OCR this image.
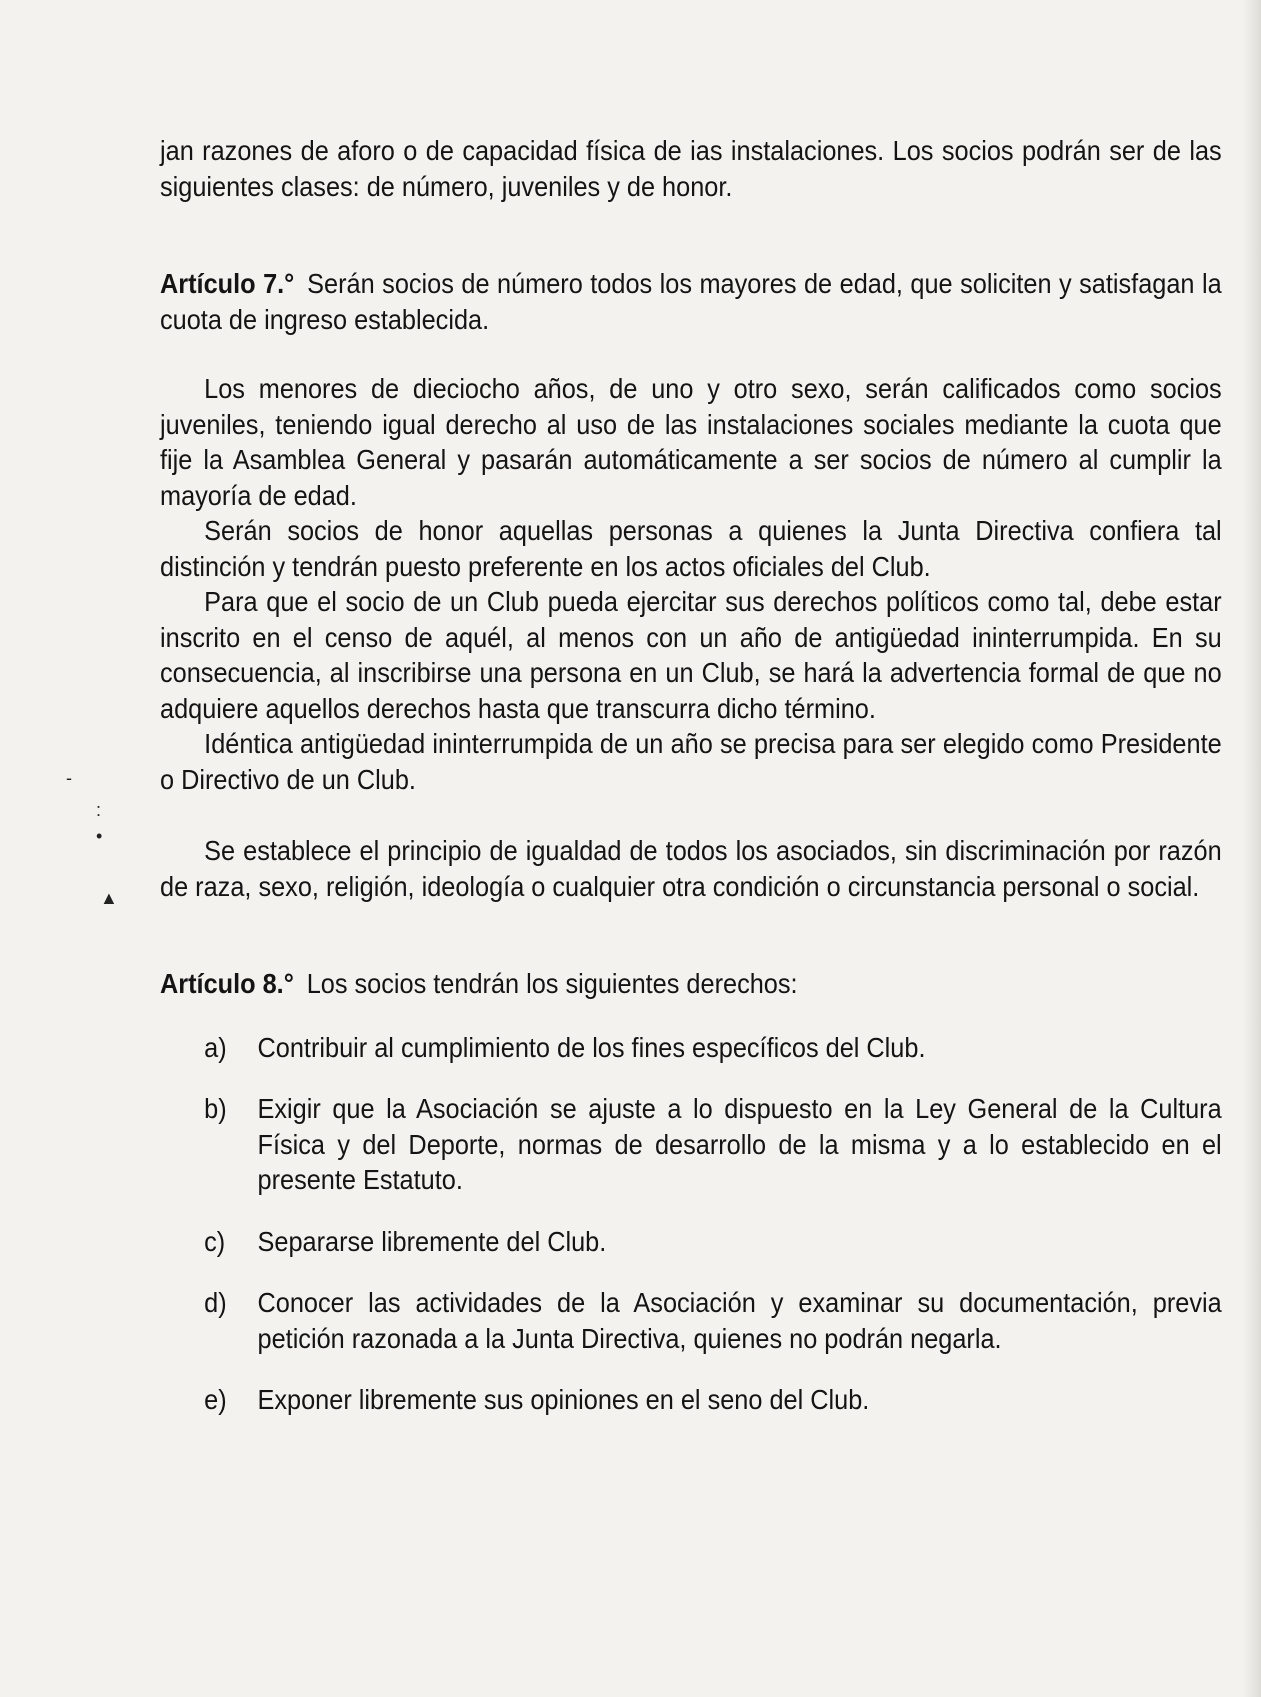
-
:
•
▲

jan razones de aforo o de capacidad física de ias instalaciones. Los socios podrán ser de las siguientes clases: de número, juveniles y de honor.

Artículo 7.° Serán socios de número todos los mayores de edad, que soliciten y satisfagan la cuota de ingreso establecida.

Los menores de dieciocho años, de uno y otro sexo, serán calificados como socios juveniles, teniendo igual derecho al uso de las instalaciones sociales mediante la cuota que fije la Asamblea General y pasarán automáticamente a ser socios de número al cumplir la mayoría de edad.

Serán socios de honor aquellas personas a quienes la Junta Directiva confiera tal distinción y tendrán puesto preferente en los actos oficiales del Club.

Para que el socio de un Club pueda ejercitar sus derechos políticos como tal, debe estar inscrito en el censo de aquél, al menos con un año de antigüedad ininterrumpida. En su consecuencia, al inscribirse una persona en un Club, se hará la advertencia formal de que no adquiere aquellos derechos hasta que transcurra dicho término.

Idéntica antigüedad ininterrumpida de un año se precisa para ser elegido como Presidente o Directivo de un Club.

Se establece el principio de igualdad de todos los asociados, sin discriminación por razón de raza, sexo, religión, ideología o cualquier otra condición o circunstancia personal o social.

Artículo 8.° Los socios tendrán los siguientes derechos:

a)	Contribuir al cumplimiento de los fines específicos del Club.
b)	Exigir que la Asociación se ajuste a lo dispuesto en la Ley General de la Cultura Física y del Deporte, normas de desarrollo de la misma y a lo establecido en el presente Estatuto.
c)	Separarse libremente del Club.
d)	Conocer las actividades de la Asociación y examinar su documentación, previa petición razonada a la Junta Directiva, quienes no podrán negarla.
e)	Exponer libremente sus opiniones en el seno del Club.
